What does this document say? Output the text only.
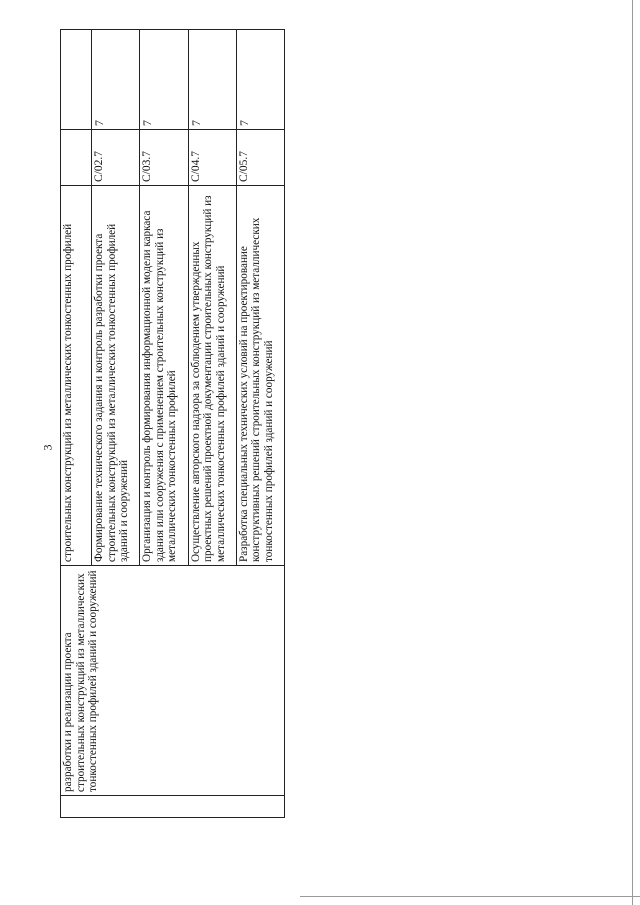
3
	разработки и реализации проекта строительных конструкций из металлических тонкостенных профилей зданий и сооружений	строительных конструкций из металлических тонкостенных профилей		
		Формирование технического задания и контроль разработки проекта строительных конструкций из металлических тонкостенных профилей зданий и сооружений	C/02.7	7
		Организация и контроль формирования информационной модели каркаса здания или сооружения с применением строительных конструкций из металлических тонкостенных профилей	C/03.7	7
		Осуществление авторского надзора за соблюдением утвержденных проектных решений проектной документации строительных конструкций из металлических тонкостенных профилей зданий и сооружений	C/04.7	7
		Разработка специальных технических условий на проектирование конструктивных решений строительных конструкций из металлических тонкостенных профилей зданий и сооружений	C/05.7	7
